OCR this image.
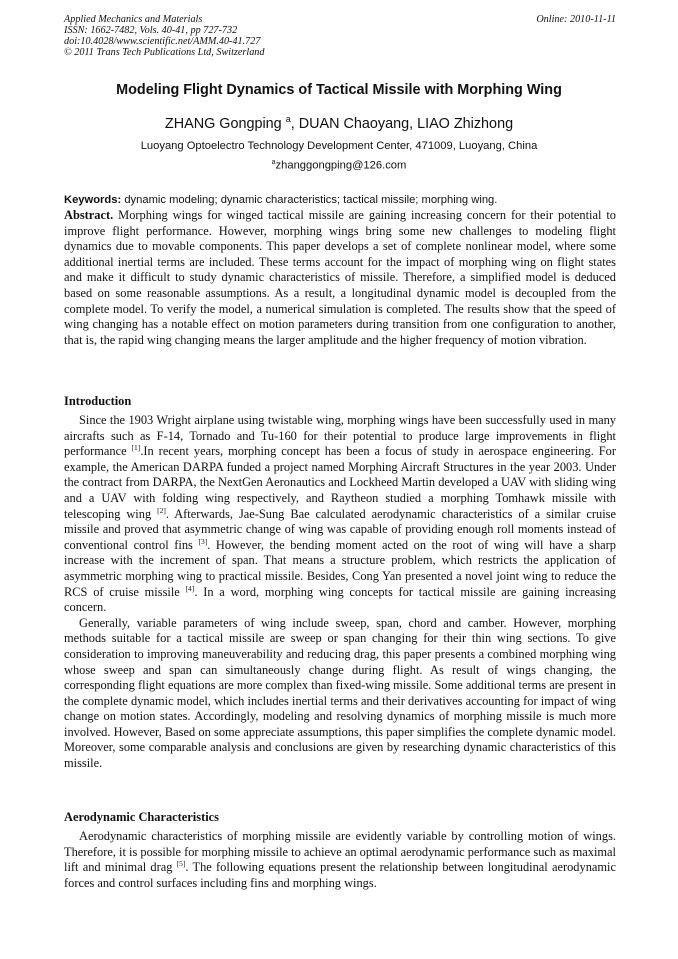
Applied Mechanics and Materials
ISSN: 1662-7482, Vols. 40-41, pp 727-732
doi:10.4028/www.scientific.net/AMM.40-41.727
© 2011 Trans Tech Publications Ltd, Switzerland
Online: 2010-11-11
Modeling Flight Dynamics of Tactical Missile with Morphing Wing
ZHANG Gongping $^a$, DUAN Chaoyang, LIAO Zhizhong
Luoyang Optoelectro Technology Development Center, 471009, Luoyang, China
$^a$zhanggongping@126.com
Keywords: dynamic modeling; dynamic characteristics; tactical missile; morphing wing.
Abstract. Morphing wings for winged tactical missile are gaining increasing concern for their potential to improve flight performance. However, morphing wings bring some new challenges to modeling flight dynamics due to movable components. This paper develops a set of complete nonlinear model, where some additional inertial terms are included. These terms account for the impact of morphing wing on flight states and make it difficult to study dynamic characteristics of missile. Therefore, a simplified model is deduced based on some reasonable assumptions. As a result, a longitudinal dynamic model is decoupled from the complete model. To verify the model, a numerical simulation is completed. The results show that the speed of wing changing has a notable effect on motion parameters during transition from one configuration to another, that is, the rapid wing changing means the larger amplitude and the higher frequency of motion vibration.
Introduction

Since the 1903 Wright airplane using twistable wing, morphing wings have been successfully used in many aircrafts such as F-14, Tornado and Tu-160 for their potential to produce large improvements in flight performance [1].In recent years, morphing concept has been a focus of study in aerospace engineering. For example, the American DARPA funded a project named Morphing Aircraft Structures in the year 2003. Under the contract from DARPA, the NextGen Aeronautics and Lockheed Martin developed a UAV with sliding wing and a UAV with folding wing respectively, and Raytheon studied a morphing Tomhawk missile with telescoping wing [2]. Afterwards, Jae-Sung Bae calculated aerodynamic characteristics of a similar cruise missile and proved that asymmetric change of wing was capable of providing enough roll moments instead of conventional control fins [3]. However, the bending moment acted on the root of wing will have a sharp increase with the increment of span. That means a structure problem, which restricts the application of asymmetric morphing wing to practical missile. Besides, Cong Yan presented a novel joint wing to reduce the RCS of cruise missile [4]. In a word, morphing wing concepts for tactical missile are gaining increasing concern.

Generally, variable parameters of wing include sweep, span, chord and camber. However, morphing methods suitable for a tactical missile are sweep or span changing for their thin wing sections. To give consideration to improving maneuverability and reducing drag, this paper presents a combined morphing wing whose sweep and span can simultaneously change during flight. As result of wings changing, the corresponding flight equations are more complex than fixed-wing missile. Some additional terms are present in the complete dynamic model, which includes inertial terms and their derivatives accounting for impact of wing change on motion states. Accordingly, modeling and resolving dynamics of morphing missile is much more involved. However, Based on some appreciate assumptions, this paper simplifies the complete dynamic model. Moreover, some comparable analysis and conclusions are given by researching dynamic characteristics of this missile.

Aerodynamic Characteristics

Aerodynamic characteristics of morphing missile are evidently variable by controlling motion of wings. Therefore, it is possible for morphing missile to achieve an optimal aerodynamic performance such as maximal lift and minimal drag [5]. The following equations present the relationship between longitudinal aerodynamic forces and control surfaces including fins and morphing wings.
